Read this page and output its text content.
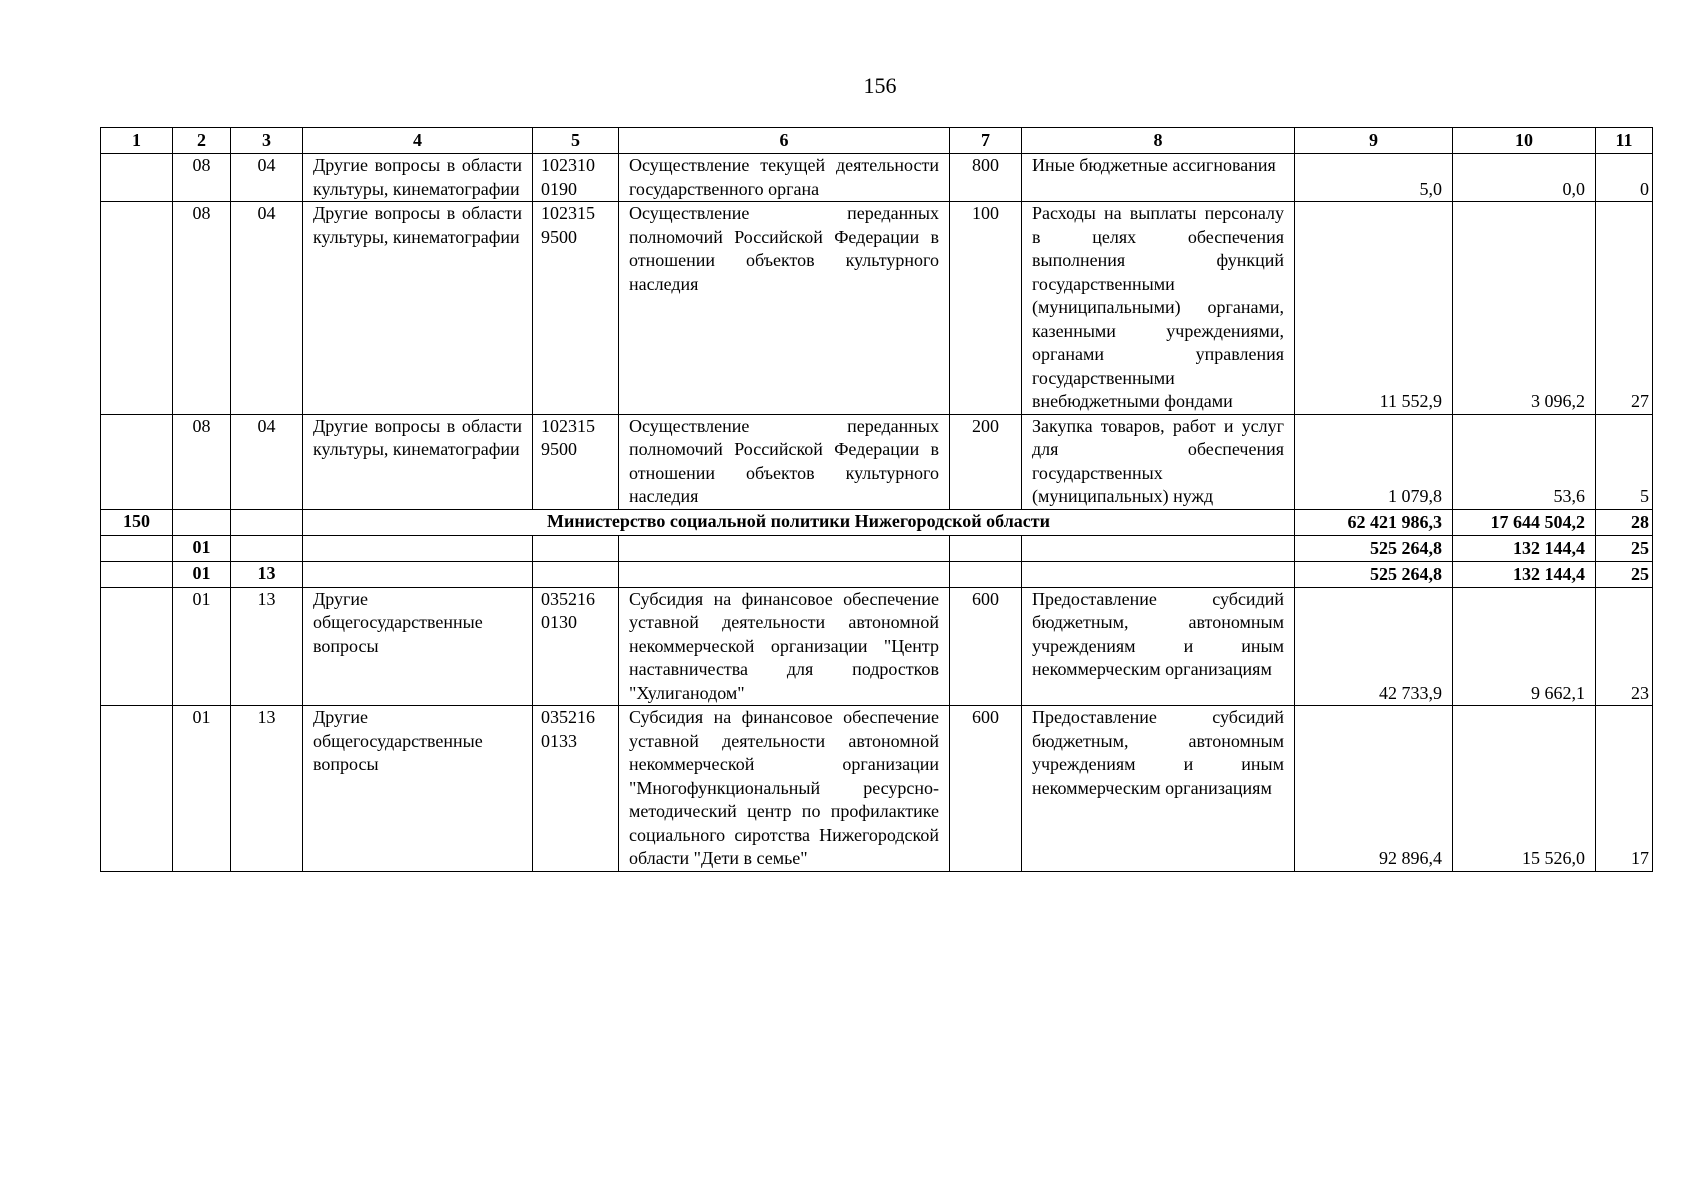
156
1	2	3	4	5	6	7	8	9	10	11
	08	04	Другие вопросы в области культуры, кинематографии	102310 0190	Осуществление текущей деятельности государственного органа	800	Иные бюджетные ассигнования	5,0	0,0	0
	08	04	Другие вопросы в области культуры, кинематографии	102315 9500	Осуществление переданных полномочий Российской Федерации в отношении объектов культурного наследия	100	Расходы на выплаты персоналу в целях обеспечения выполнения функций государственными (муниципальными) органами, казенными учреждениями, органами управления государственными внебюджетными фондами	11 552,9	3 096,2	27
	08	04	Другие вопросы в области культуры, кинематографии	102315 9500	Осуществление переданных полномочий Российской Федерации в отношении объектов культурного наследия	200	Закупка товаров, работ и услуг для обеспечения государственных (муниципальных) нужд	1 079,8	53,6	5
150			Министерство социальной политики Нижегородской области					62 421 986,3	17 644 504,2	28
	01							525 264,8	132 144,4	25
	01	13						525 264,8	132 144,4	25
	01	13	Другие общегосударственные вопросы	035216 0130	Субсидия на финансовое обеспечение уставной деятельности автономной некоммерческой организации "Центр наставничества для подростков "Хулиганодом"	600	Предоставление субсидий бюджетным, автономным учреждениям и иным некоммерческим организациям	42 733,9	9 662,1	23
	01	13	Другие общегосударственные вопросы	035216 0133	Субсидия на финансовое обеспечение уставной деятельности автономной некоммерческой организации "Многофункциональный ресурсно-методический центр по профилактике социального сиротства Нижегородской области "Дети в семье"	600	Предоставление субсидий бюджетным, автономным учреждениям и иным некоммерческим организациям	92 896,4	15 526,0	17
